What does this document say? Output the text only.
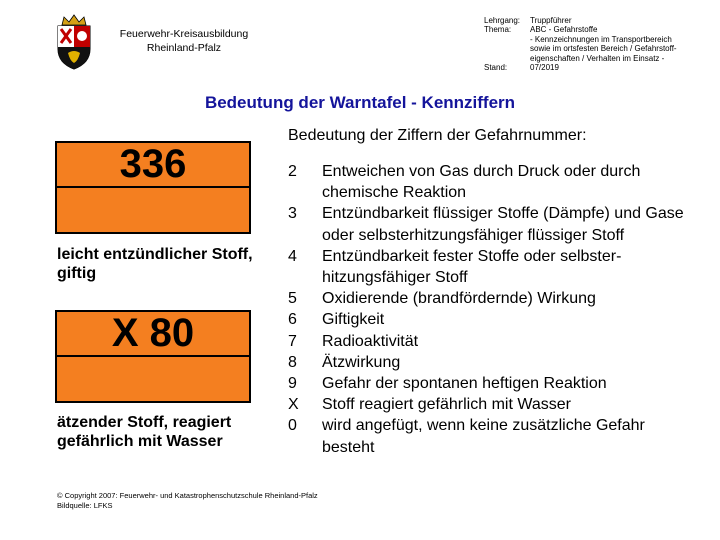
Feuerwehr-Kreisausbildung
Rheinland-Pfalz
Lehrgang:	Truppführer
Thema:	ABC - Gefahrstoffe
- Kennzeichnungen im Transportbereich
sowie im ortsfesten Bereich / Gefahrstoff-
eigenschaften / Verhalten im Einsatz -
Stand:	07/2019
Bedeutung der Warntafel - Kennziffern
336
leicht entzündlicher Stoff, giftig
X 80
ätzender Stoff, reagiert gefährlich mit Wasser
Bedeutung der Ziffern der Gefahrnummer:
2	Entweichen von Gas durch Druck oder durch chemische Reaktion
3	Entzündbarkeit flüssiger Stoffe (Dämpfe) und Gase oder selbsterhitzungsfähiger flüssiger Stoff
4	Entzündbarkeit fester Stoffe oder selbster-hitzungsfähiger Stoff
5	Oxidierende (brandfördernde) Wirkung
6	Giftigkeit
7	Radioaktivität
8	Ätzwirkung
9	Gefahr der spontanen heftigen Reaktion
X	Stoff reagiert gefährlich mit Wasser
0	wird angefügt, wenn keine zusätzliche Gefahr besteht
© Copyright 2007: Feuerwehr- und Katastrophenschutzschule Rheinland-Pfalz
Bildquelle: LFKS
